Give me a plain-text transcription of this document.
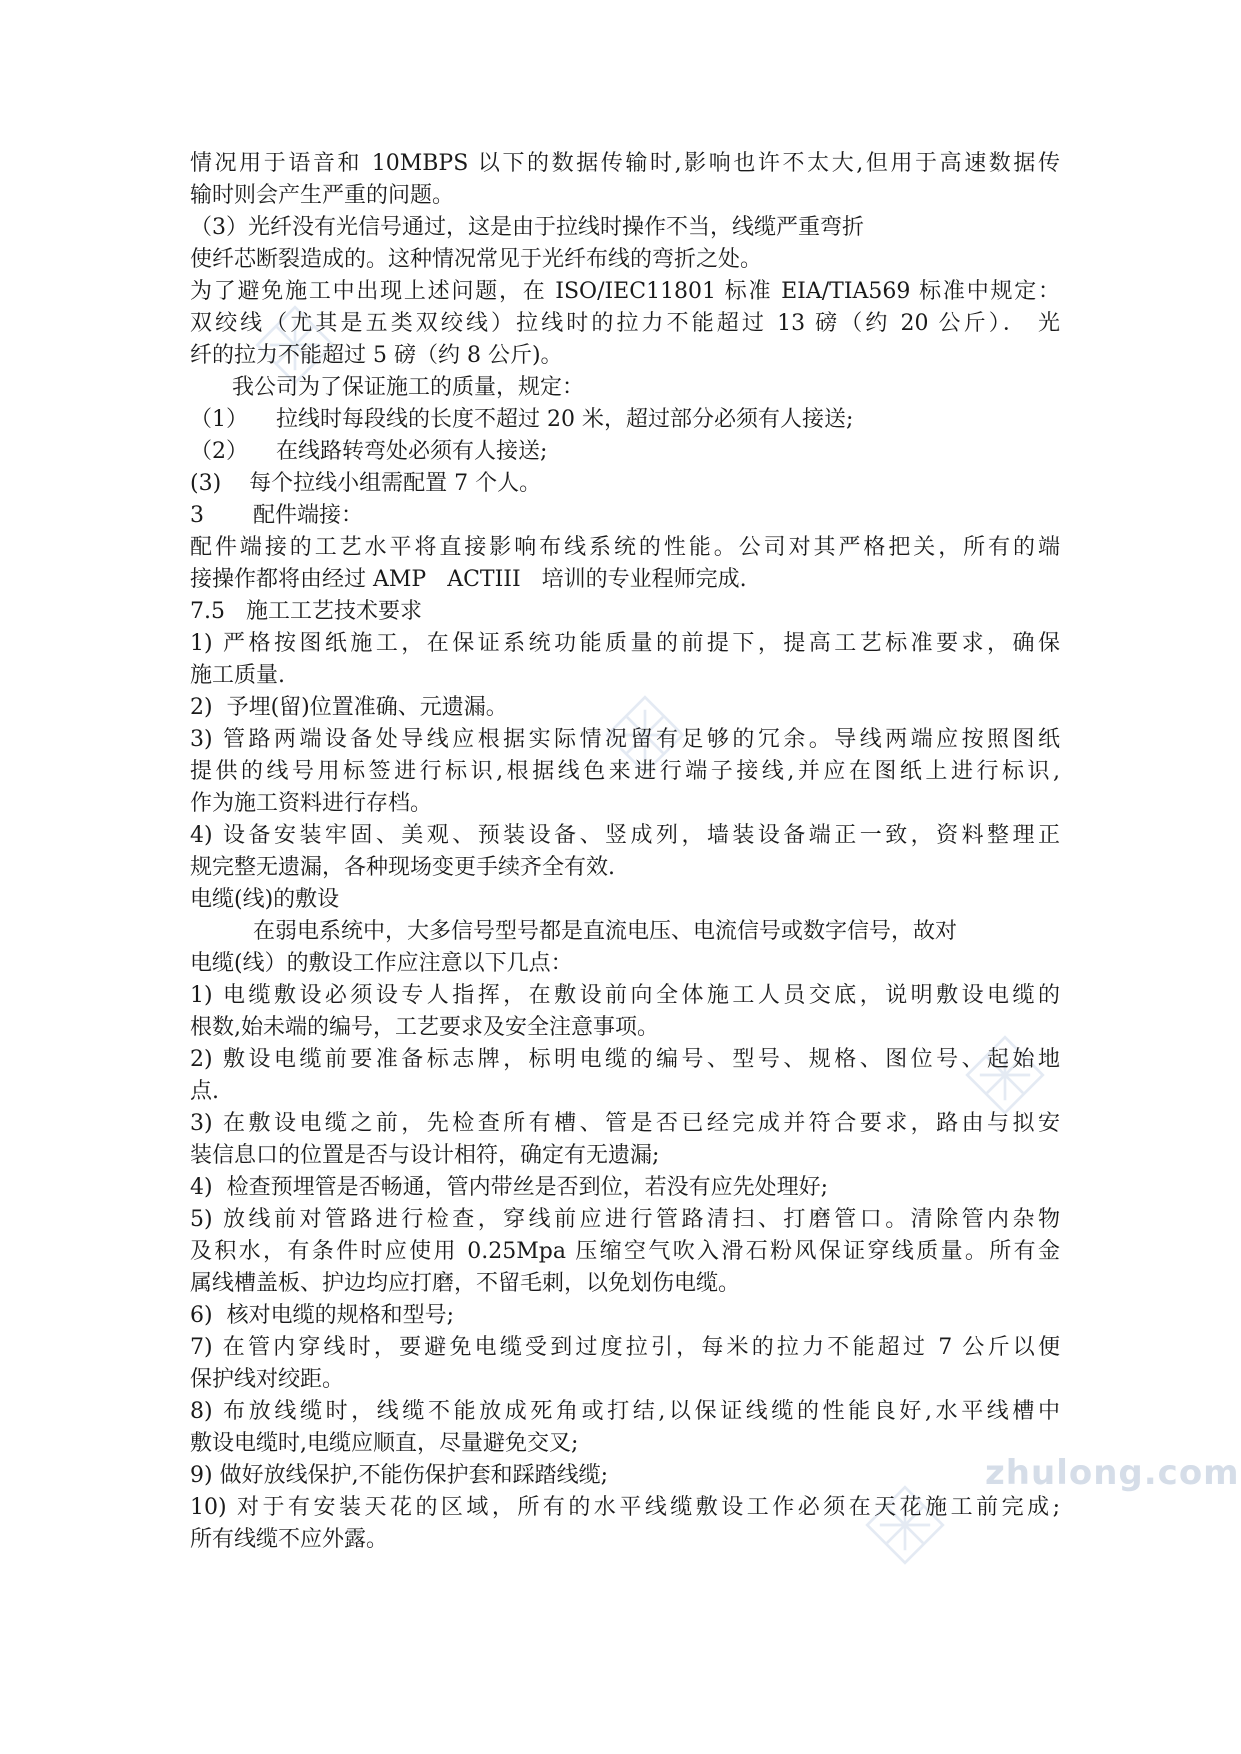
zhulong.com
情况用于语音和 10MBPS 以下的数据传输时,影响也许不太大,但用于高速数据传
输时则会产生严重的问题。
（3）光纤没有光信号通过，这是由于拉线时操作不当，线缆严重弯折
使纤芯断裂造成的。这种情况常见于光纤布线的弯折之处。
为了避免施工中出现上述问题，在 ISO/IEC11801 标准 EIA/TIA569 标准中规定：
双绞线（尤其是五类双绞线）拉线时的拉力不能超过 13 磅（约 20 公斤）． 光
纤的拉力不能超过 5 磅（约 8 公斤)。
我公司为了保证施工的质量，规定：
（1）    拉线时每段线的长度不超过 20 米，超过部分必须有人接送;
（2）    在线路转弯处必须有人接送;
(3)    每个拉线小组需配置 7 个人。
3       配件端接：
配件端接的工艺水平将直接影响布线系统的性能。公司对其严格把关，所有的端
接操作都将由经过 AMP   ACTIII   培训的专业程师完成.
7.5   施工工艺技术要求
1) 严格按图纸施工，在保证系统功能质量的前提下，提高工艺标准要求，确保
施工质量.
2)  予埋(留)位置准确、元遗漏。
3) 管路两端设备处导线应根据实际情况留有足够的冗余。导线两端应按照图纸
提供的线号用标签进行标识,根据线色来进行端子接线,并应在图纸上进行标识,
作为施工资料进行存档。
4) 设备安装牢固、美观、预装设备、竖成列，墙装设备端正一致，资料整理正
规完整无遗漏，各种现场变更手续齐全有效.
电缆(线)的敷设
在弱电系统中，大多信号型号都是直流电压、电流信号或数字信号，故对
电缆(线）的敷设工作应注意以下几点：
1) 电缆敷设必须设专人指挥，在敷设前向全体施工人员交底，说明敷设电缆的
根数,始未端的编号，工艺要求及安全注意事项。
2) 敷设电缆前要准备标志牌，标明电缆的编号、型号、规格、图位号、起始地
点.
3) 在敷设电缆之前，先检查所有槽、管是否已经完成并符合要求，路由与拟安
装信息口的位置是否与设计相符，确定有无遗漏;
4)  检查预埋管是否畅通，管内带丝是否到位，若没有应先处理好;
5) 放线前对管路进行检查，穿线前应进行管路清扫、打磨管口。清除管内杂物
及积水，有条件时应使用 0.25Mpa 压缩空气吹入滑石粉风保证穿线质量。所有金
属线槽盖板、护边均应打磨，不留毛刺，以免划伤电缆。
6)  核对电缆的规格和型号;
7) 在管内穿线时，要避免电缆受到过度拉引，每米的拉力不能超过 7 公斤以便
保护线对绞距。
8) 布放线缆时，线缆不能放成死角或打结,以保证线缆的性能良好,水平线槽中
敷设电缆时,电缆应顺直，尽量避免交叉;
9) 做好放线保护,不能伤保护套和踩踏线缆;
10) 对于有安装天花的区域，所有的水平线缆敷设工作必须在天花施工前完成;
所有线缆不应外露。
